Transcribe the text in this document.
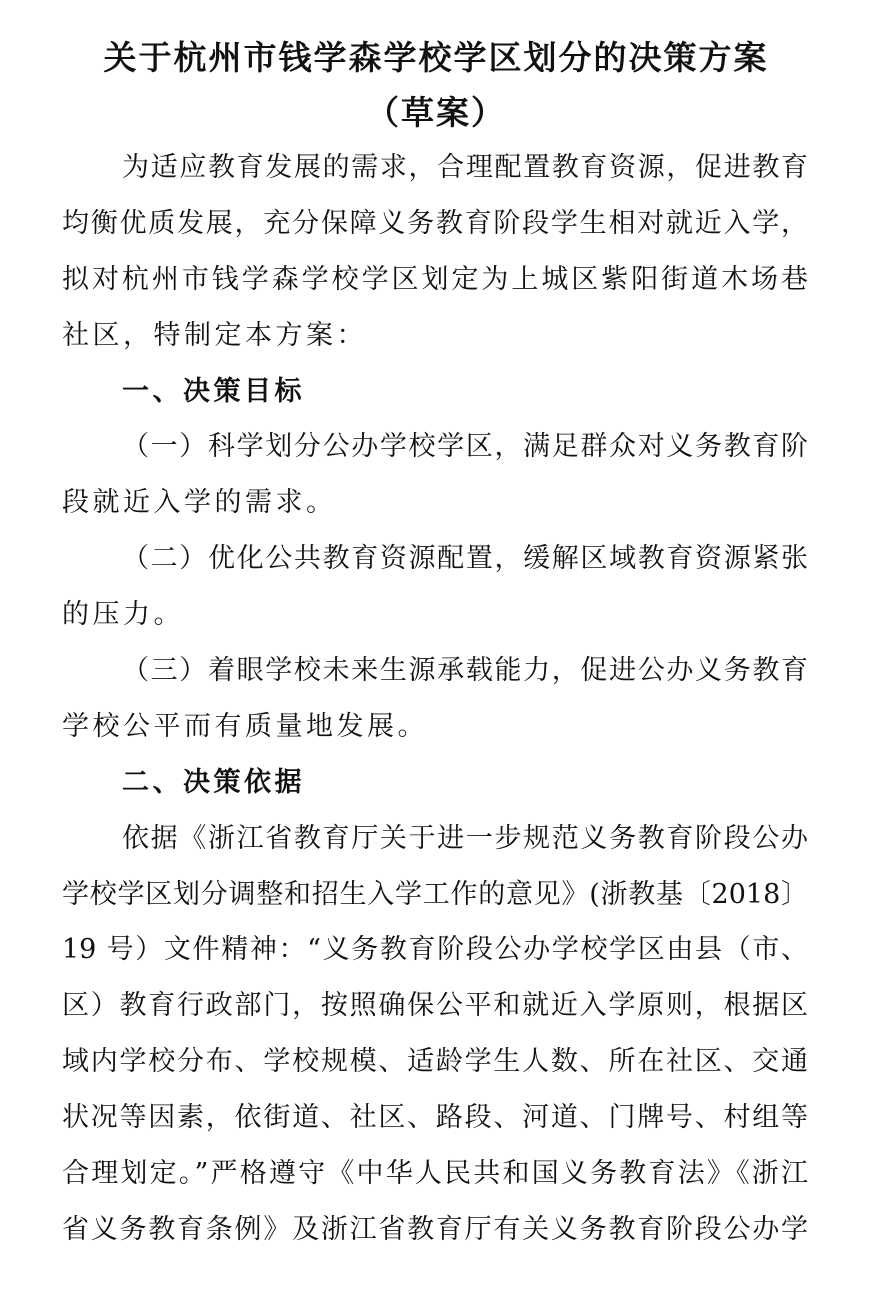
关于杭州市钱学森学校学区划分的决策方案
（草案）
为适应教育发展的需求，合理配置教育资源，促进教育
均衡优质发展，充分保障义务教育阶段学生相对就近入学，
拟对杭州市钱学森学校学区划定为上城区紫阳街道木场巷
社区，特制定本方案：
一、决策目标
（一）科学划分公办学校学区，满足群众对义务教育阶
段就近入学的需求。
（二）优化公共教育资源配置，缓解区域教育资源紧张
的压力。
（三）着眼学校未来生源承载能力，促进公办义务教育
学校公平而有质量地发展。
二、决策依据
依据《浙江省教育厅关于进一步规范义务教育阶段公办
学校学区划分调整和招生入学工作的意见》(浙教基〔2018〕
19 号）文件精神：“义务教育阶段公办学校学区由县（市、
区）教育行政部门，按照确保公平和就近入学原则，根据区
域内学校分布、学校规模、适龄学生人数、所在社区、交通
状况等因素，依街道、社区、路段、河道、门牌号、村组等
合理划定。”严格遵守《中华人民共和国义务教育法》《浙江
省义务教育条例》及浙江省教育厅有关义务教育阶段公办学
